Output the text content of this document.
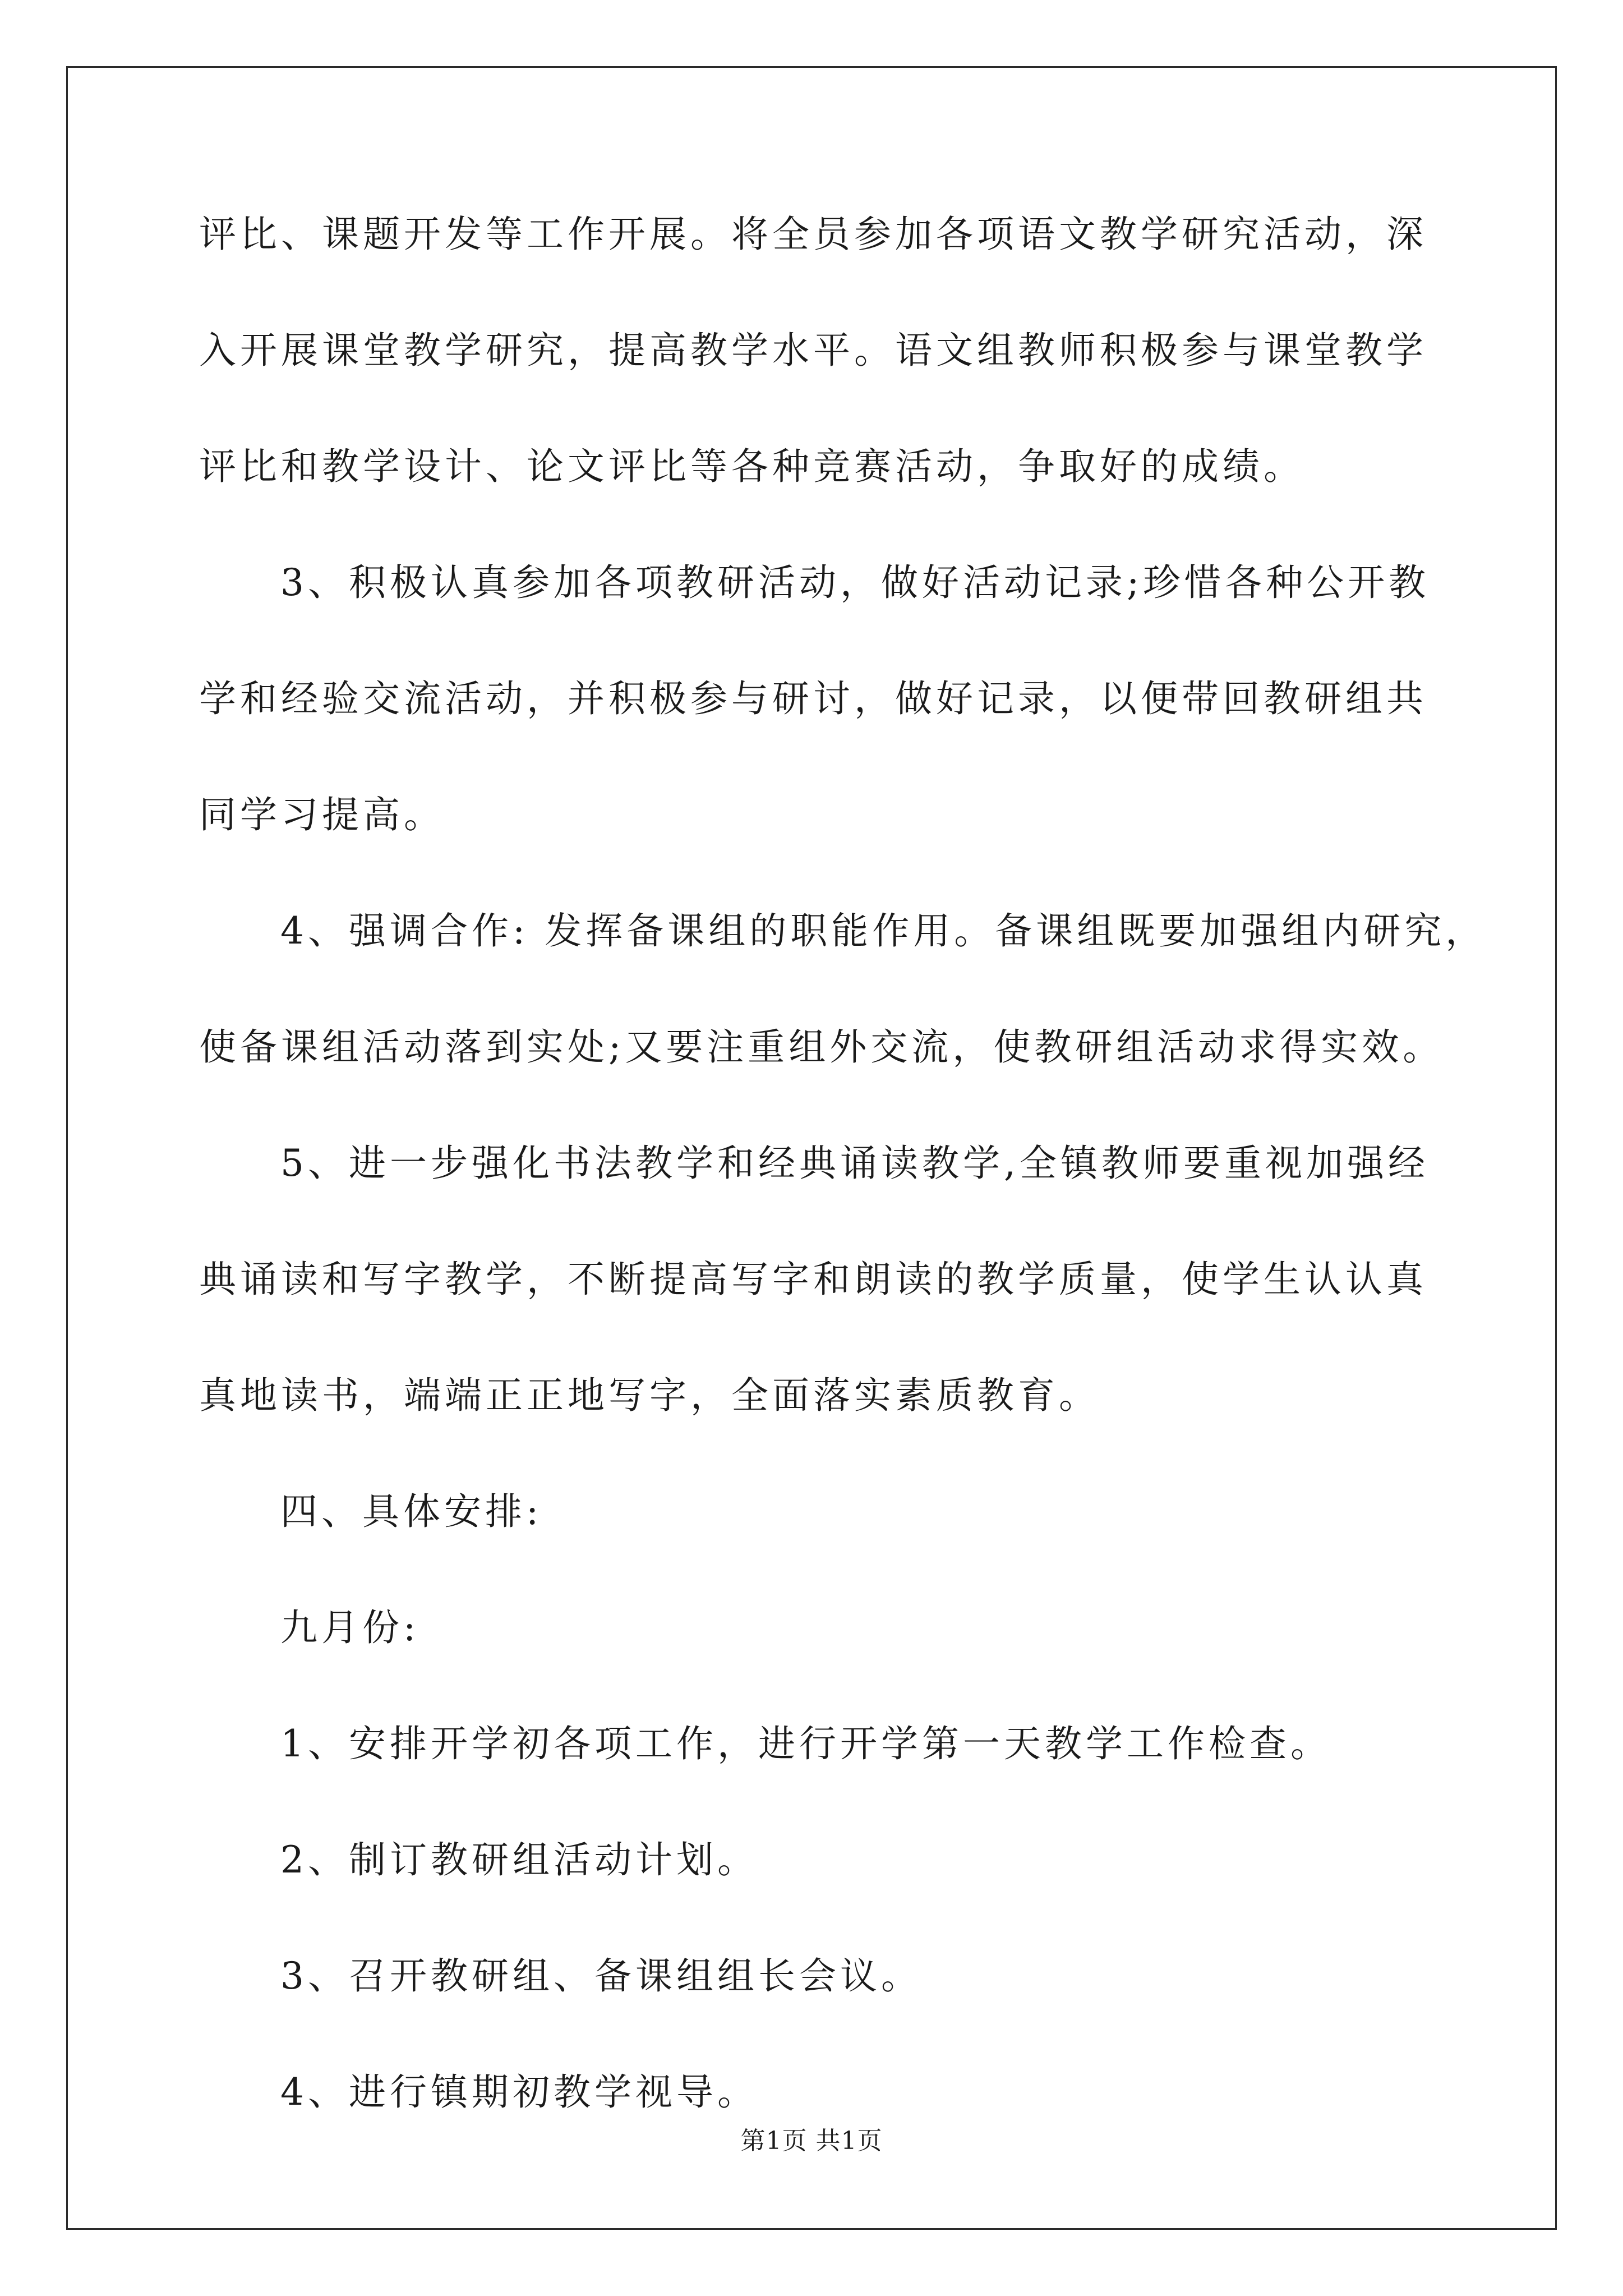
评比、课题开发等工作开展。将全员参加各项语文教学研究活动，深
入开展课堂教学研究，提高教学水平。语文组教师积极参与课堂教学
评比和教学设计、论文评比等各种竞赛活动，争取好的成绩。
3、积极认真参加各项教研活动，做好活动记录;珍惜各种公开教
学和经验交流活动，并积极参与研讨，做好记录，以便带回教研组共
同学习提高。
4、强调合作: 发挥备课组的职能作用。备课组既要加强组内研究，
使备课组活动落到实处;又要注重组外交流，使教研组活动求得实效。
5、进一步强化书法教学和经典诵读教学,全镇教师要重视加强经
典诵读和写字教学，不断提高写字和朗读的教学质量，使学生认认真
真地读书，端端正正地写字，全面落实素质教育。
四、具体安排:
九月份:
1、安排开学初各项工作，进行开学第一天教学工作检查。
2、制订教研组活动计划。
3、召开教研组、备课组组长会议。
4、进行镇期初教学视导。
第1页 共1页
